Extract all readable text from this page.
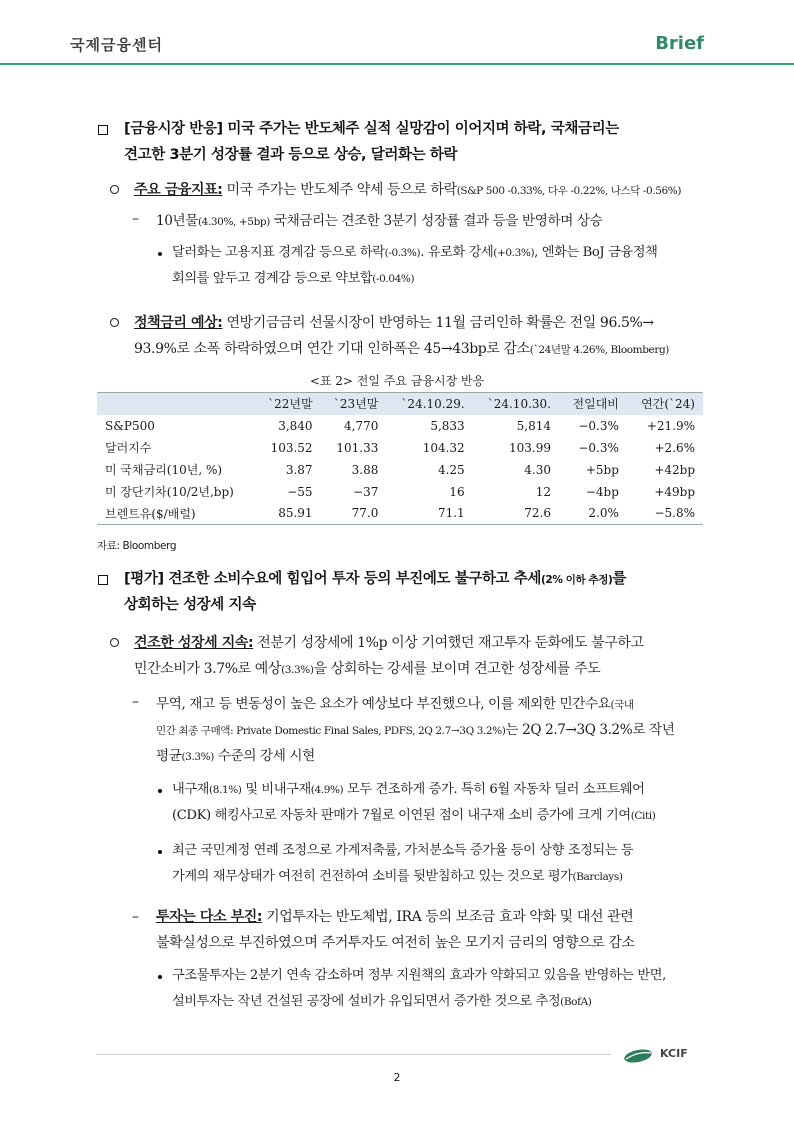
국제금융센터	Brief
[금융시장 반응] 미국 주가는 반도체주 실적 실망감이 이어지며 하락, 국채금리는
견고한 3분기 성장률 결과 등으로 상승, 달러화는 하락
주요 금융지표: 미국 주가는 반도체주 약세 등으로 하락(S&P 500 -0.33%, 다우 -0.22%, 나스닥 -0.56%)
– 10년물(4.30%, +5bp) 국채금리는 견조한 3분기 성장률 결과 등을 반영하며 상승
달러화는 고용지표 경계감 등으로 하락(-0.3%). 유로화 강세(+0.3%), 엔화는 BoJ 금융정책
회의를 앞두고 경계감 등으로 약보합(-0.04%)
정책금리 예상: 연방기금금리 선물시장이 반영하는 11월 금리인하 확률은 전일 96.5%→
93.9%로 소폭 하락하였으며 연간 기대 인하폭은 45→43bp로 감소(`24년말 4.26%, Bloomberg)
<표 2> 전일 주요 금융시장 반응
	`22년말	`23년말	`24.10.29.	`24.10.30.	전일대비	연간(`24)
S&P500	3,840	4,770	5,833	5,814	−0.3%	+21.9%
달러지수	103.52	101.33	104.32	103.99	−0.3%	+2.6%
미 국채금리(10년, %)	3.87	3.88	4.25	4.30	+5bp	+42bp
미 장단기차(10/2년,bp)	−55	−37	16	12	−4bp	+49bp
브렌트유($/배럴)	85.91	77.0	71.1	72.6	2.0%	−5.8%
자료: Bloomberg
[평가] 견조한 소비수요에 힘입어 투자 등의 부진에도 불구하고 추세(2% 이하 추정)를
상회하는 성장세 지속
견조한 성장세 지속: 전분기 성장세에 1%p 이상 기여했던 재고투자 둔화에도 불구하고
민간소비가 3.7%로 예상(3.3%)을 상회하는 강세를 보이며 견고한 성장세를 주도
– 무역, 재고 등 변동성이 높은 요소가 예상보다 부진했으나, 이를 제외한 민간수요(국내
민간 최종 구매액: Private Domestic Final Sales, PDFS, 2Q 2.7→3Q 3.2%)는 2Q 2.7→3Q 3.2%로 작년
평균(3.3%) 수준의 강세 시현
내구재(8.1%) 및 비내구재(4.9%) 모두 견조하게 증가. 특히 6월 자동차 딜러 소프트웨어
(CDK) 해킹사고로 자동차 판매가 7월로 이연된 점이 내구재 소비 증가에 크게 기여(Citi)
최근 국민계정 연례 조정으로 가계저축률, 가처분소득 증가율 등이 상향 조정되는 등
가계의 재무상태가 여전히 건전하여 소비를 뒷받침하고 있는 것으로 평가(Barclays)
– 투자는 다소 부진: 기업투자는 반도체법, IRA 등의 보조금 효과 약화 및 대선 관련
불확실성으로 부진하였으며 주거투자도 여전히 높은 모기지 금리의 영향으로 감소
구조물투자는 2분기 연속 감소하며 정부 지원책의 효과가 약화되고 있음을 반영하는 반면,
설비투자는 작년 건설된 공장에 설비가 유입되면서 증가한 것으로 추정(BofA)
KCIF
2
